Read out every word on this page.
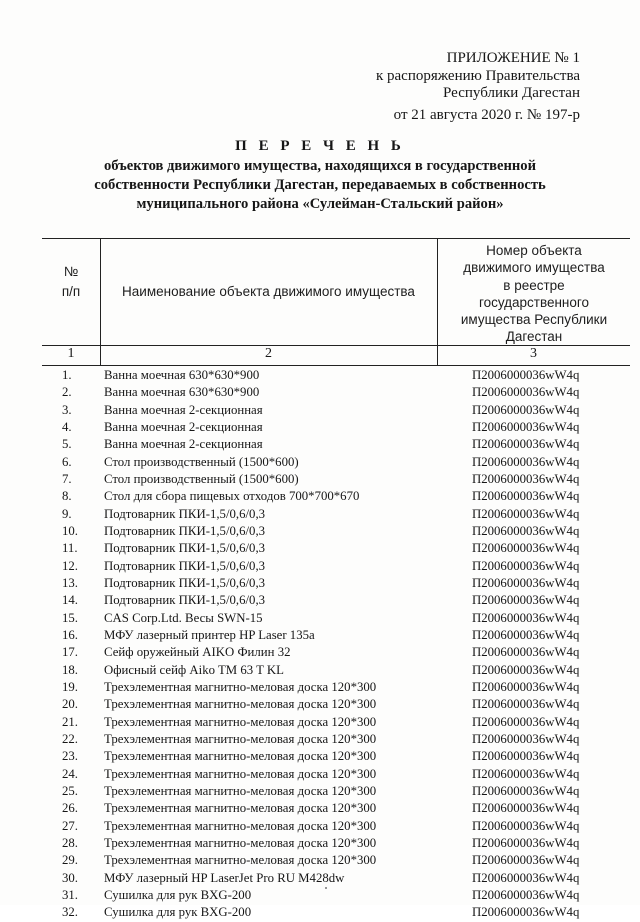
ПРИЛОЖЕНИЕ № 1
к распоряжению Правительства
Республики Дагестан
от 21 августа 2020 г. № 197-р
П Е Р Е Ч Е Н Ь
объектов движимого имущества, находящихся в государственной
собственности Республики Дагестан, передаваемых в собственность
муниципального района «Сулейман-Стальский район»
№
п/п	Наименование объекта движимого имущества
Номер объекта
движимого имущества
в реестре
государственного
имущества Республики
Дагестан
1	2	3
1.	Ванна моечная 630*630*900	П2006000036wW4q
2.	Ванна моечная 630*630*900	П2006000036wW4q
3.	Ванна моечная 2-секционная	П2006000036wW4q
4.	Ванна моечная 2-секционная	П2006000036wW4q
5.	Ванна моечная 2-секционная	П2006000036wW4q
6.	Стол производственный (1500*600)	П2006000036wW4q
7.	Стол производственный (1500*600)	П2006000036wW4q
8.	Стол для сбора пищевых отходов 700*700*670	П2006000036wW4q
9.	Подтоварник ПКИ-1,5/0,6/0,3	П2006000036wW4q
10. Подтоварник ПКИ-1,5/0,6/0,3	П2006000036wW4q
11. Подтоварник ПКИ-1,5/0,6/0,3	П2006000036wW4q
12. Подтоварник ПКИ-1,5/0,6/0,3	П2006000036wW4q
13. Подтоварник ПКИ-1,5/0,6/0,3	П2006000036wW4q
14. Подтоварник ПКИ-1,5/0,6/0,3	П2006000036wW4q
15. CAS Corp.Ltd. Весы SWN-15	П2006000036wW4q
16. МФУ лазерный принтер HP Laser 135a	П2006000036wW4q
17. Сейф оружейный AIKO Филин 32	П2006000036wW4q
18. Офисный сейф Aiko TM 63 T KL	П2006000036wW4q
19. Трехэлементная магнитно-меловая доска 120*300	П2006000036wW4q
20. Трехэлементная магнитно-меловая доска 120*300	П2006000036wW4q
21. Трехэлементная магнитно-меловая доска 120*300	П2006000036wW4q
22. Трехэлементная магнитно-меловая доска 120*300	П2006000036wW4q
23. Трехэлементная магнитно-меловая доска 120*300	П2006000036wW4q
24. Трехэлементная магнитно-меловая доска 120*300	П2006000036wW4q
25. Трехэлементная магнитно-меловая доска 120*300	П2006000036wW4q
26. Трехэлементная магнитно-меловая доска 120*300	П2006000036wW4q
27. Трехэлементная магнитно-меловая доска 120*300	П2006000036wW4q
28. Трехэлементная магнитно-меловая доска 120*300	П2006000036wW4q
29. Трехэлементная магнитно-меловая доска 120*300	П2006000036wW4q
30. МФУ лазерный HP LaserJet Pro RU M428dw	П2006000036wW4q
31. Сушилка для рук BXG-200	П2006000036wW4q
32. Сушилка для рук BXG-200	П2006000036wW4q
